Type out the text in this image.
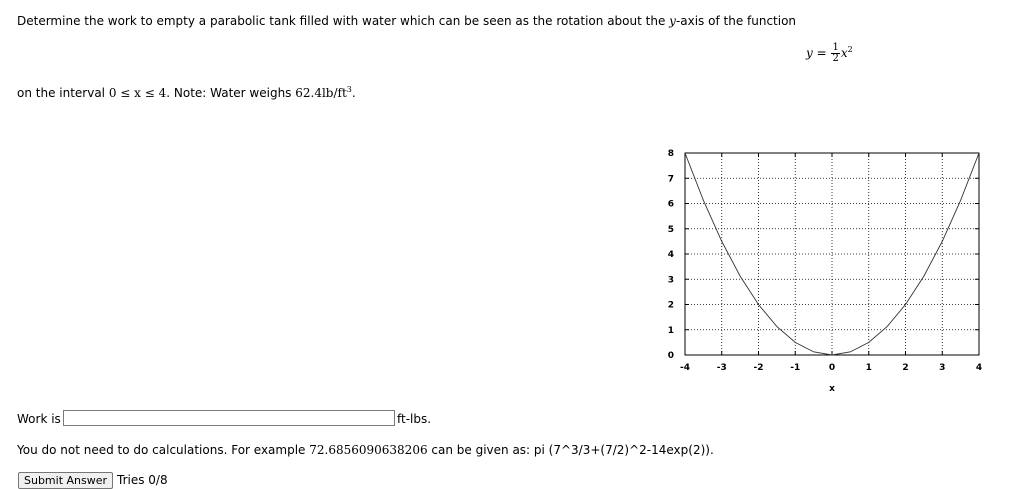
Determine the work to empty a parabolic tank filled with water which can be seen as the rotation about the y-axis of the function
$y = \frac{1}{2} x^2$
on the interval 0 ≤ x ≤ 4. Note: Water weighs $62.4lb/ft^3$.
-4	-3	-2	-1	0	1	2	3	4
0
1
2
3
4
5
6
7
8
x
Work is	ft-lbs.
You do not need to do calculations. For example 72.6856090638206 can be given as: pi (7^3/3+(7/2)^2-14exp(2)).
Submit Answer Tries 0/8
